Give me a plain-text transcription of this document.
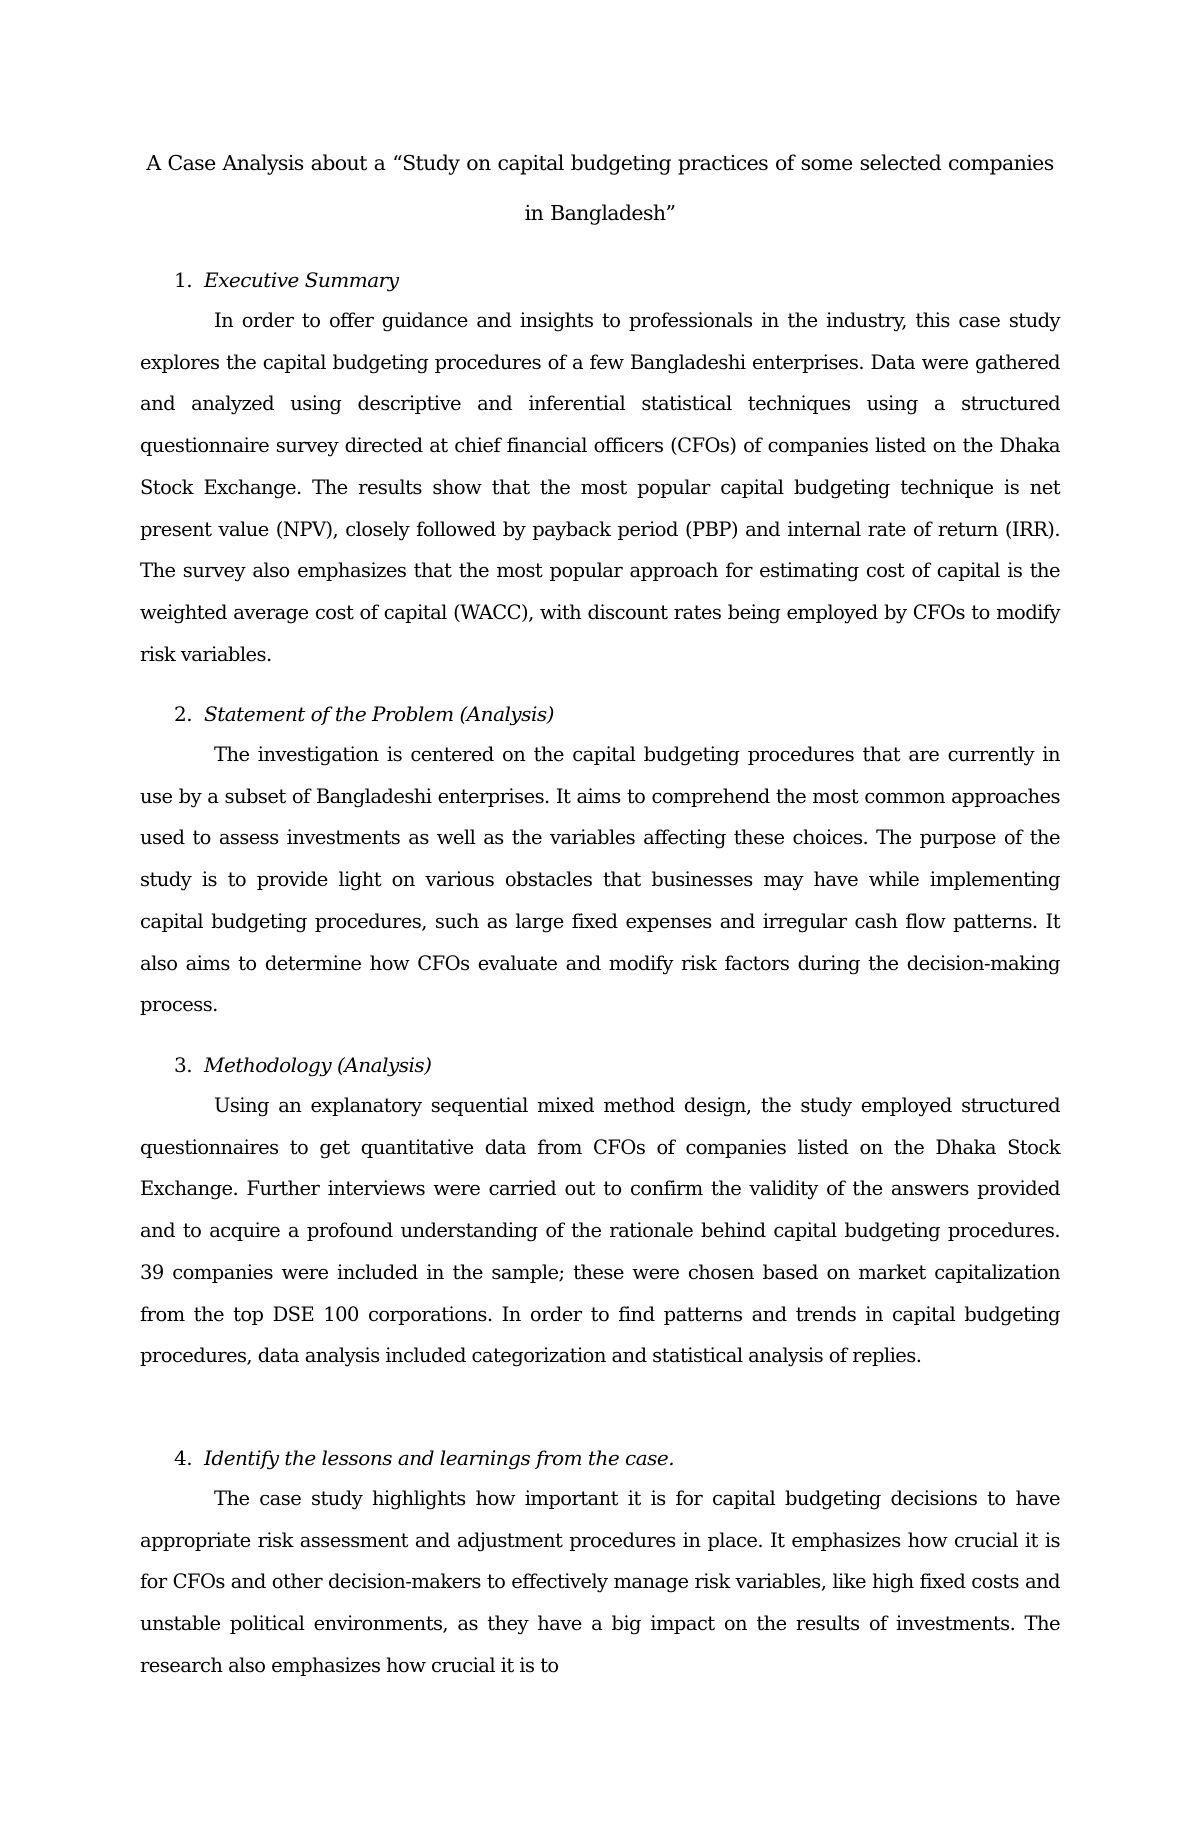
A Case Analysis about a “Study on capital budgeting practices of some selected companies in Bangladesh”
1. Executive Summary

In order to offer guidance and insights to professionals in the industry, this case study explores the capital budgeting procedures of a few Bangladeshi enterprises. Data were gathered and analyzed using descriptive and inferential statistical techniques using a structured questionnaire survey directed at chief financial officers (CFOs) of companies listed on the Dhaka Stock Exchange. The results show that the most popular capital budgeting technique is net present value (NPV), closely followed by payback period (PBP) and internal rate of return (IRR). The survey also emphasizes that the most popular approach for estimating cost of capital is the weighted average cost of capital (WACC), with discount rates being employed by CFOs to modify risk variables.

2. Statement of the Problem (Analysis)

The investigation is centered on the capital budgeting procedures that are currently in use by a subset of Bangladeshi enterprises. It aims to comprehend the most common approaches used to assess investments as well as the variables affecting these choices. The purpose of the study is to provide light on various obstacles that businesses may have while implementing capital budgeting procedures, such as large fixed expenses and irregular cash flow patterns. It also aims to determine how CFOs evaluate and modify risk factors during the decision-making process.

3. Methodology (Analysis)

Using an explanatory sequential mixed method design, the study employed structured questionnaires to get quantitative data from CFOs of companies listed on the Dhaka Stock Exchange. Further interviews were carried out to confirm the validity of the answers provided and to acquire a profound understanding of the rationale behind capital budgeting procedures. 39 companies were included in the sample; these were chosen based on market capitalization from the top DSE 100 corporations. In order to find patterns and trends in capital budgeting procedures, data analysis included categorization and statistical analysis of replies.

4. Identify the lessons and learnings from the case.

The case study highlights how important it is for capital budgeting decisions to have appropriate risk assessment and adjustment procedures in place. It emphasizes how crucial it is for CFOs and other decision-makers to effectively manage risk variables, like high fixed costs and unstable political environments, as they have a big impact on the results of investments. The research also emphasizes how crucial it is to
